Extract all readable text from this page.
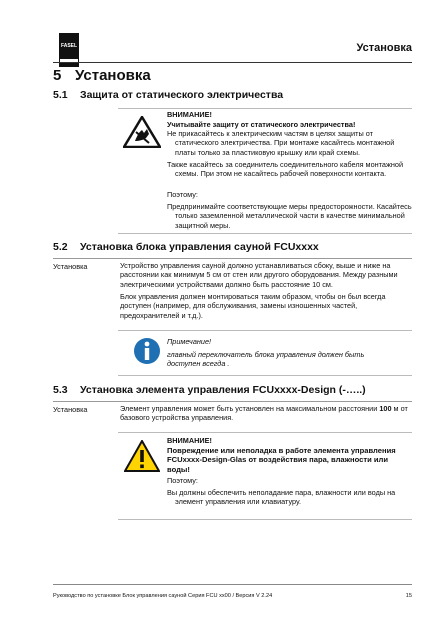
FASEL	Установка
5 Установка
5.1 Защита от статического электричества
ВНИМАНИЕ!
Учитывайте защиту от статического электричества!
Не прикасайтесь к электрическим частям в целях защиты от статического электричества. При монтаже касайтесь монтажной платы только за пластиковую крышку или край схемы.
Также касайтесь за соединитель соединительного кабеля монтажной схемы. При этом не касайтесь рабочей поверхности контакта.
Поэтому:
Предпринимайте соответствующие меры предосторожности. Касайтесь только заземленной металлической части в качестве минимальной защитной меры.
5.2 Установка блока управления сауной FCUxxxx
Установка	Устройство управления сауной должно устанавливаться сбоку, выше и ниже на расстоянии как минимум 5 см от стен или другого оборудования. Между разными электрическими устройствами должно быть расстояние 10 см.
Блок управления должен монтироваться таким образом, чтобы он был всегда доступен (например, для обслуживания, замены изношенных частей, предохранителей и т.д.).
Примечание!
главный переключатель блока управления должен быть доступен всегда .
5.3 Установка элемента управления FCUxxxx-Design (-…..)
Установка	Элемент управления может быть установлен на максимальном расстоянии 100 м от базового устройства управления.
ВНИМАНИЕ!
Повреждение или неполадка в работе элемента управления FCUxxxx-Design-Glas от воздействия пара, влажности или воды!
Поэтому:
Вы должны обеспечить неполадание пара, влажности или воды на элемент управления или клавиатуру.
Руководство по установке Блок управления сауной Серия FCU xx00 / Версия V 2.24	15
